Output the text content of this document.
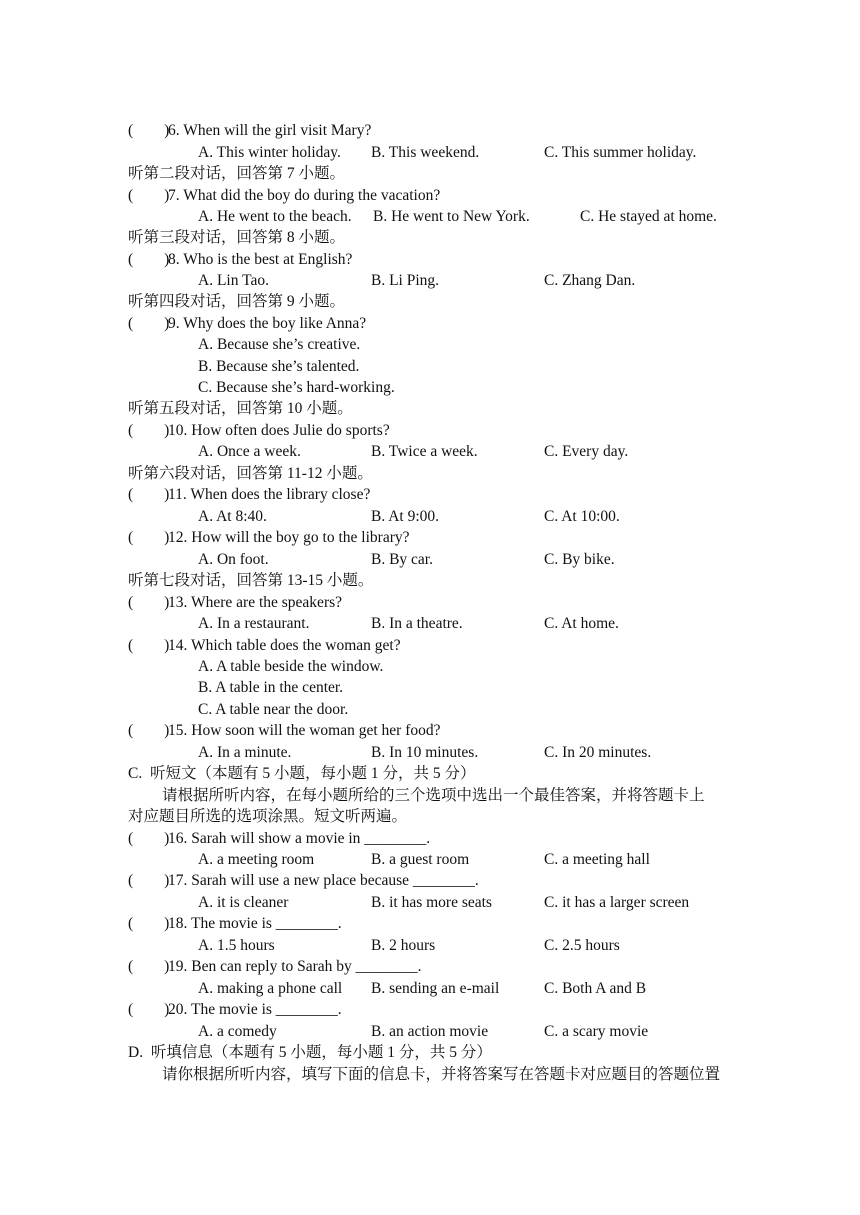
(        )
6. When will the girl visit Mary?
A. This winter holiday. B. This weekend.	C. This summer holiday.
听第二段对话，回答第 7 小题。
(        )
7. What did the boy do during the vacation?
A. He went to the beach. B. He went to New York.	C. He stayed at home.
听第三段对话，回答第 8 小题。
(        )
8. Who is the best at English?
A. Lin Tao.	B. Li Ping.	C. Zhang Dan.
听第四段对话，回答第 9 小题。
(        )
9. Why does the boy like Anna?
A. Because she’s creative.
B. Because she’s talented.
C. Because she’s hard-working.
听第五段对话，回答第 10 小题。
(        )
10. How often does Julie do sports?
A. Once a week.	B. Twice a week.	C. Every day.
听第六段对话，回答第 11-12 小题。
(        )
11. When does the library close?
A. At 8:40.	B. At 9:00.	C. At 10:00.
(        )
12. How will the boy go to the library?
A. On foot.	B. By car.	C. By bike.
听第七段对话，回答第 13-15 小题。
(        )
13. Where are the speakers?
A. In a restaurant.	B. In a theatre.	C. At home.
(        )
14. Which table does the woman get?
A. A table beside the window.
B. A table in the center.
C. A table near the door.
(        )
15. How soon will the woman get her food?
A. In a minute.	B. In 10 minutes.	C. In 20 minutes.
C.  听短文（本题有 5 小题，每小题 1 分，共 5 分）
请根据所听内容，在每小题所给的三个选项中选出一个最佳答案，并将答题卡上
对应题目所选的选项涂黑。短文听两遍。
(        )
16. Sarah will show a movie in ________.
A. a meeting room	B. a guest room	C. a meeting hall
(        )
17. Sarah will use a new place because ________.
A. it is cleaner	B. it has more seats	C. it has a larger screen
(        )
18. The movie is ________.
A. 1.5 hours	B. 2 hours	C. 2.5 hours
(        )
19. Ben can reply to Sarah by ________.
A. making a phone call B. sending an e-mail	C. Both A and B
(        )
20. The movie is ________.
A. a comedy	B. an action movie	C. a scary movie
D.  听填信息（本题有 5 小题，每小题 1 分，共 5 分）
请你根据所听内容，填写下面的信息卡，并将答案写在答题卡对应题目的答题位置
